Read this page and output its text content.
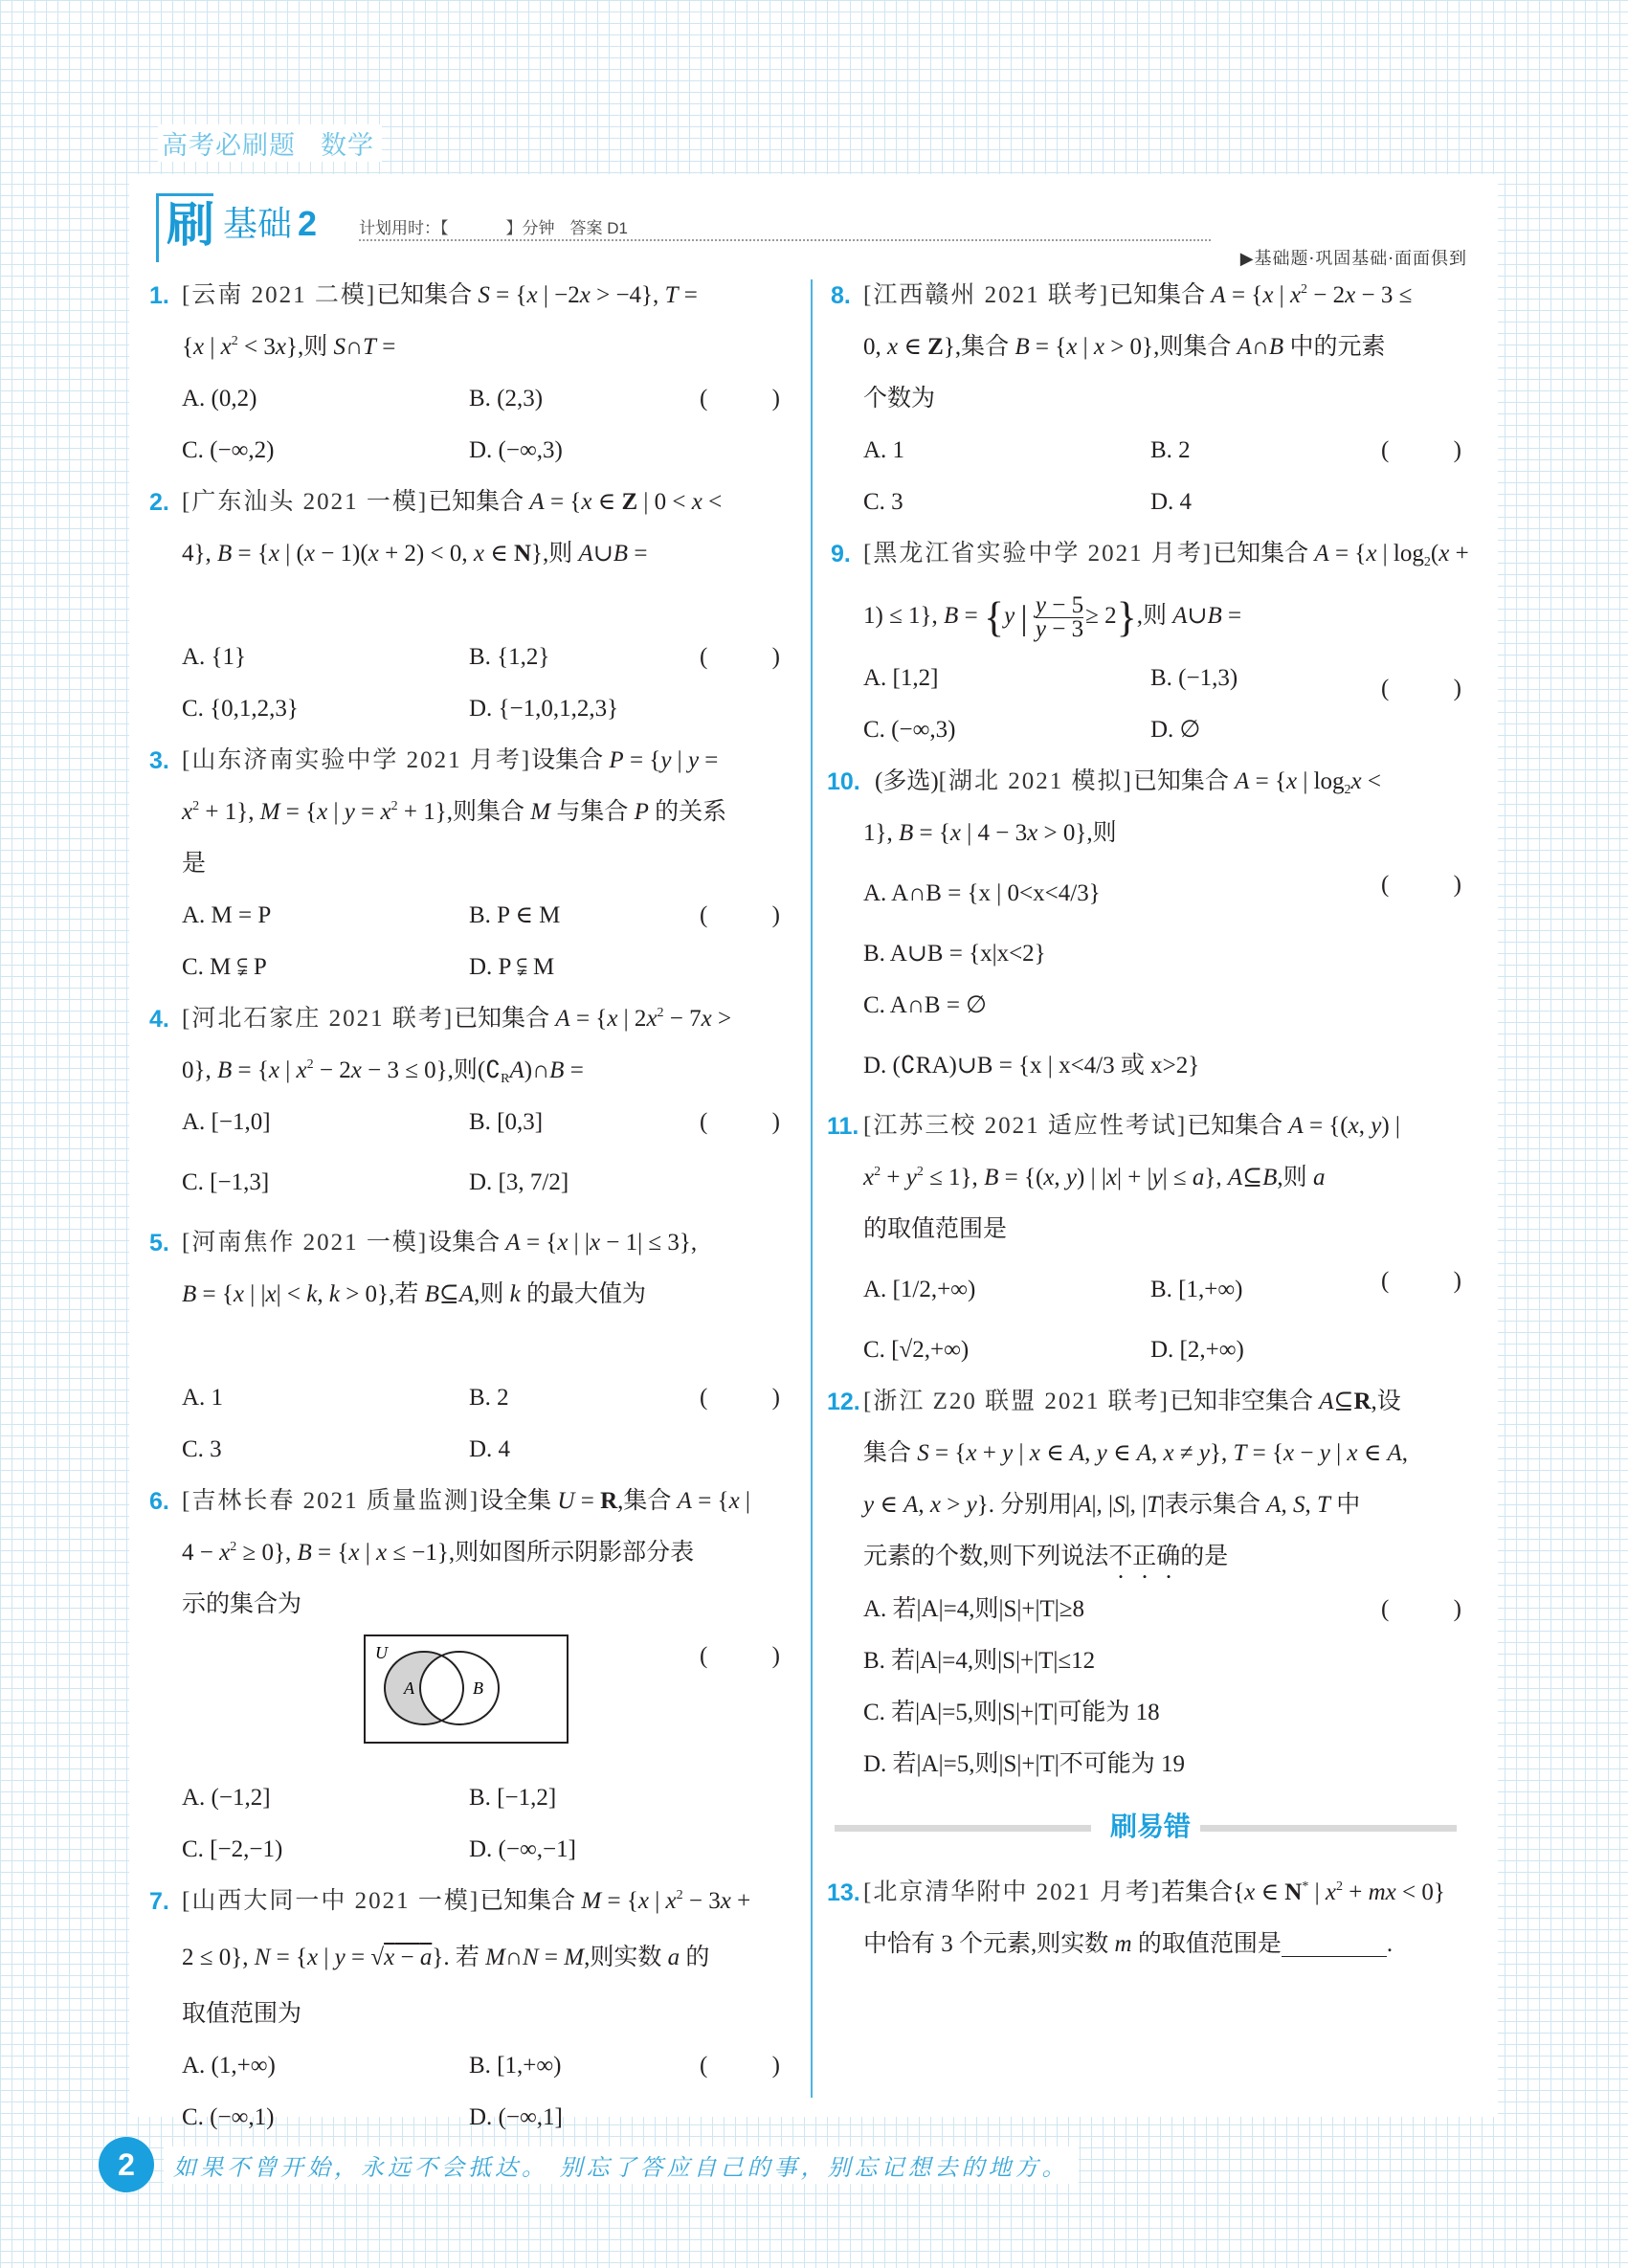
高考必刷题 数学
刷 基础 2	计划用时：【	】分钟 答案 D1
▶基础题·巩固基础·面面俱到
1. [云南 2021 二模]已知集合 S = {x | −2x > −4}, T =
{x | $x^2 < 3x$},则 S∩T =
(	)
A. (0,2)	B. (2,3)
C. (−∞,2)	D. (−∞,3)
2. [广东汕头 2021 一模]已知集合 A = {x ∈ Z | 0 < x <
4}, B = {x | (x − 1)(x + 2) < 0, x ∈ N},则 A∪B =

(	)
A. {1}	B. {1,2}
C. {0,1,2,3}	D. {−1,0,1,2,3}
3. [山东济南实验中学 2021 月考]设集合 P = {y | y =
$x^2 + 1$}, M = {x | $y = x^2 + 1$},则集合 M 与集合 P 的关系
是
(	)
A. M = P	B. P ∈ M
C. M ⫋ P	D. P ⫋ M
4. [河北石家庄 2021 联考]已知集合 A = {x | $2x^2 - 7x$ >
0}, B = {x | $x^2 - 2x - 3 \le 0$},则$(∁_RA)\cap B$ =
(	)
A. [−1,0]	B. [0,3]
C. [−1,3]	D. [3, 7/2]
5. [河南焦作 2021 一模]设集合 A = {x | |x − 1| ≤ 3},
B = {x | |x| < k, k > 0},若 B⊆A,则 k 的最大值为

(	)
A. 1	B. 2
C. 3	D. 4
6. [吉林长春 2021 质量监测]设全集 U = R,集合 A = {x |
$4 - x^2 \ge 0$}, B = {x | x ≤ −1},则如图所示阴影部分表
示的集合为
(	)
U
A	B
A. (−1,2]	B. [−1,2]
C. [−2,−1)	D. (−∞,−1]
7. [山西大同一中 2021 一模]已知集合 M = {x | $x^2 - 3x$ +
2 ≤ 0}, N = {x | y = √x − a}. 若 M∩N = M,则实数 a 的
取值范围为
(	)
A. (1,+∞)	B. [1,+∞)
C. (−∞,1)	D. (−∞,1]
8. [江西赣州 2021 联考]已知集合 A = {x | $x^2 - 2x - 3$ ≤
0, x ∈ Z},集合 B = {x | x > 0},则集合 A∩B 中的元素
个数为
(	)
A. 1	B. 2
C. 3	D. 4
9. [黑龙江省实验中学 2021 月考]已知集合 A = {x | $\log_2(x$ +
1) ≤ 1}, B = {y | $\frac{y - 5}{y - 3} \ge 2$},则 A∪B =
(	)
A. [1,2]	B. (−1,3)
C. (−∞,3)	D. ∅
10. (多选)[湖北 2021 模拟]已知集合 A = {x | $\log_2x$ <
1}, B = {x | 4 − 3x > 0},则
(	)
A. A∩B = {x | 0<x<4/3}
B. A∪B = {x|x<2}
C. A∩B = ∅
D. (∁RA)∪B = {x | x<4/3 或 x>2}
11. [江苏三校 2021 适应性考试]已知集合 A = {(x, y) |
$x^2 + y^2 \le 1$}, B = {(x, y) | |x| + |y| ≤ a}, A⊆B,则 a
的取值范围是
(	)
A. [1/2,+∞)	B. [1,+∞)
C. [√2,+∞)	D. [2,+∞)
12. [浙江 Z20 联盟 2021 联考]已知非空集合 A⊆R,设
集合 S = {x + y | x ∈ A, y ∈ A, x ≠ y}, T = {x − y | x ∈ A,
y ∈ A, x > y}. 分别用|A|, |S|, |T|表示集合 A, S, T 中
元素的个数,则下列说法不正确的是
(	)
A. 若|A|=4,则|S|+|T|≥8
B. 若|A|=4,则|S|+|T|≤12
C. 若|A|=5,则|S|+|T|可能为 18
D. 若|A|=5,则|S|+|T|不可能为 19
刷易错
13. [北京清华附中 2021 月考]若集合{x ∈ N* | $x^2$ + mx < 0}
中恰有 3 个元素,则实数 m 的取值范围是	.
2	如果不曾开始，永远不会抵达。 别忘了答应自己的事，别忘记想去的地方。
